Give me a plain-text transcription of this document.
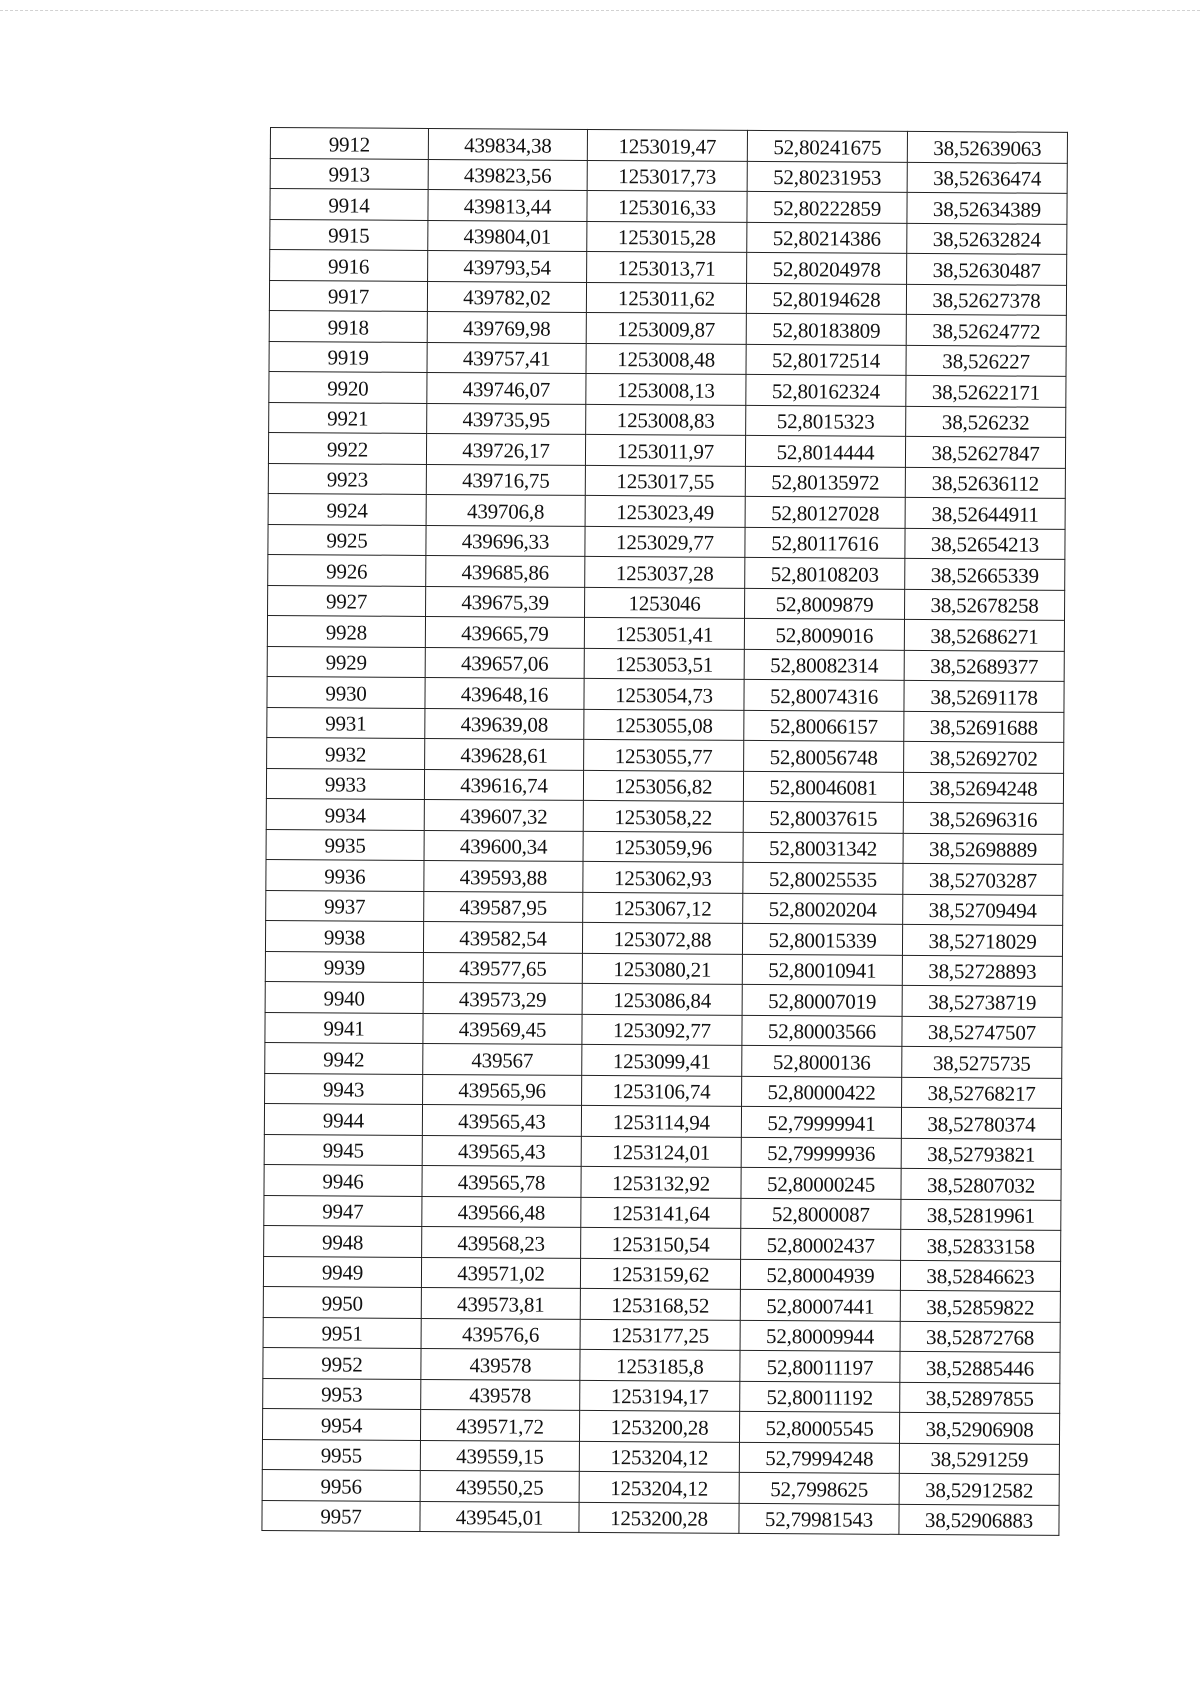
9912	439834,38	1253019,47	52,80241675	38,52639063
9913	439823,56	1253017,73	52,80231953	38,52636474
9914	439813,44	1253016,33	52,80222859	38,52634389
9915	439804,01	1253015,28	52,80214386	38,52632824
9916	439793,54	1253013,71	52,80204978	38,52630487
9917	439782,02	1253011,62	52,80194628	38,52627378
9918	439769,98	1253009,87	52,80183809	38,52624772
9919	439757,41	1253008,48	52,80172514	38,526227
9920	439746,07	1253008,13	52,80162324	38,52622171
9921	439735,95	1253008,83	52,8015323	38,526232
9922	439726,17	1253011,97	52,8014444	38,52627847
9923	439716,75	1253017,55	52,80135972	38,52636112
9924	439706,8	1253023,49	52,80127028	38,52644911
9925	439696,33	1253029,77	52,80117616	38,52654213
9926	439685,86	1253037,28	52,80108203	38,52665339
9927	439675,39	1253046	52,8009879	38,52678258
9928	439665,79	1253051,41	52,8009016	38,52686271
9929	439657,06	1253053,51	52,80082314	38,52689377
9930	439648,16	1253054,73	52,80074316	38,52691178
9931	439639,08	1253055,08	52,80066157	38,52691688
9932	439628,61	1253055,77	52,80056748	38,52692702
9933	439616,74	1253056,82	52,80046081	38,52694248
9934	439607,32	1253058,22	52,80037615	38,52696316
9935	439600,34	1253059,96	52,80031342	38,52698889
9936	439593,88	1253062,93	52,80025535	38,52703287
9937	439587,95	1253067,12	52,80020204	38,52709494
9938	439582,54	1253072,88	52,80015339	38,52718029
9939	439577,65	1253080,21	52,80010941	38,52728893
9940	439573,29	1253086,84	52,80007019	38,52738719
9941	439569,45	1253092,77	52,80003566	38,52747507
9942	439567	1253099,41	52,8000136	38,5275735
9943	439565,96	1253106,74	52,80000422	38,52768217
9944	439565,43	1253114,94	52,79999941	38,52780374
9945	439565,43	1253124,01	52,79999936	38,52793821
9946	439565,78	1253132,92	52,80000245	38,52807032
9947	439566,48	1253141,64	52,8000087	38,52819961
9948	439568,23	1253150,54	52,80002437	38,52833158
9949	439571,02	1253159,62	52,80004939	38,52846623
9950	439573,81	1253168,52	52,80007441	38,52859822
9951	439576,6	1253177,25	52,80009944	38,52872768
9952	439578	1253185,8	52,80011197	38,52885446
9953	439578	1253194,17	52,80011192	38,52897855
9954	439571,72	1253200,28	52,80005545	38,52906908
9955	439559,15	1253204,12	52,79994248	38,5291259
9956	439550,25	1253204,12	52,7998625	38,52912582
9957	439545,01	1253200,28	52,79981543	38,52906883
